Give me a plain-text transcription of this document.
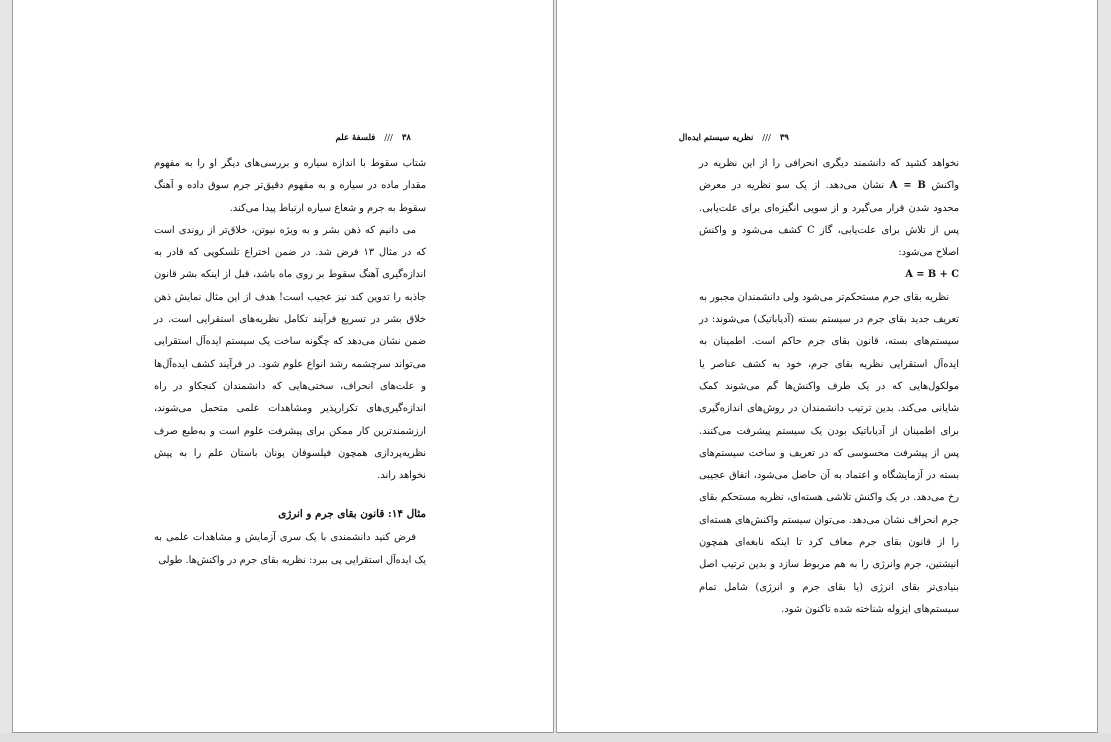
فلسفهٔ علم /// ۳۸

شتاب سقوط با اندازه سیاره و بررسی‌های دیگر او را به مفهوم مقدار ماده در سیاره و به مفهوم دقیق‌تر جرم سوق داده و آهنگ سقوط به جرم و شعاع سیاره ارتباط پیدا می‌کند.

می دانیم که ذهن بشر و به ویژه نیوتن، خلاق‌تر از روندی است که در مثال ۱۳ فرض شد. در ضمن اختراع تلسکوپی که قادر به اندازه‌گیری آهنگ سقوط بر روی ماه باشد، قبل از اینکه بشر قانون جاذبه را تدوین کند نیز عجیب است! هدف از این مثال نمایش ذهن خلاق بشر در تسریع فرآیند تکامل نظریه‌های استقرایی است. در ضمن نشان می‌دهد که چگونه ساخت یک سیستم ایده‌آل استقرایی می‌تواند سرچشمه رشد انواع علوم شود. در فرآیند کشف ایده‌آل‌ها و علت‌های انحراف، سختی‌هایی که دانشمندان کنجکاو در راه اندازه‌گیری‌های تکرارپذیر ومشاهدات علمی متحمل می‌شوند، ارزشمندترین کار ممکن برای پیشرفت علوم است و به‌طبع صرف نظریه‌پردازی همچون فیلسوفان یونان باستان علم را به پیش نخواهد راند.

مثال ۱۴: قانون بقای جرم و انرژی

فرض کنید دانشمندی با یک سری آزمایش و مشاهدات علمی به یک ایده‌آل استقرایی پی ببرد: نظریه بقای جرم در واکنش‌ها. طولی

نظریه سیستم ایده‌ال /// ۳۹

نخواهد کشید که دانشمند دیگری انحرافی را از این نظریه در واکنش A = B نشان می‌دهد. از یک سو نظریه در معرض محدود شدن قرار می‌گیرد و از سویی انگیزه‌ای برای علت‌یابی. پس از تلاش برای علت‌یابی، گاز C کشف می‌شود و واکنش اصلاح می‌شود:

A = B + C

نظریه بقای جرم مستحکم‌تر می‌شود ولی دانشمندان مجبور به تعریف جدید بقای جرم در سیستم بسته (آدیاباتیک) می‌شوند: در سیستم‌های بسته، قانون بقای جرم حاکم است. اطمینان به ایده‌آل استقرایی نظریه بقای جرم، خود به کشف عناصر یا مولکول‌هایی که در یک طرف واکنش‌ها گم می‌شوند کمک شایانی می‌کند. بدین ترتیب دانشمندان در روش‌های اندازه‌گیری برای اطمینان از آدیاباتیک بودن یک سیستم پیشرفت می‌کنند. پس از پیشرفت محسوسی که در تعریف و ساخت سیستم‌های بسته در آزمایشگاه و اعتماد به آن حاصل می‌شود، اتفاق عجیبی رخ می‌دهد. در یک واکنش تلاشی هسته‌ای، نظریه مستحکم بقای جرم انحراف نشان می‌دهد. می‌توان سیستم واکنش‌های هسته‌ای را از قانون بقای جرم معاف کرد تا اینکه نابغه‌ای همچون انیشتین، جرم وانرژی را به هم مربوط سازد و بدین ترتیب اصل بنیادی‌تر بقای انرژی (یا بقای جرم و انرژی) شامل تمام سیستم‌های ایزوله شناخته شده تاکنون شود.
